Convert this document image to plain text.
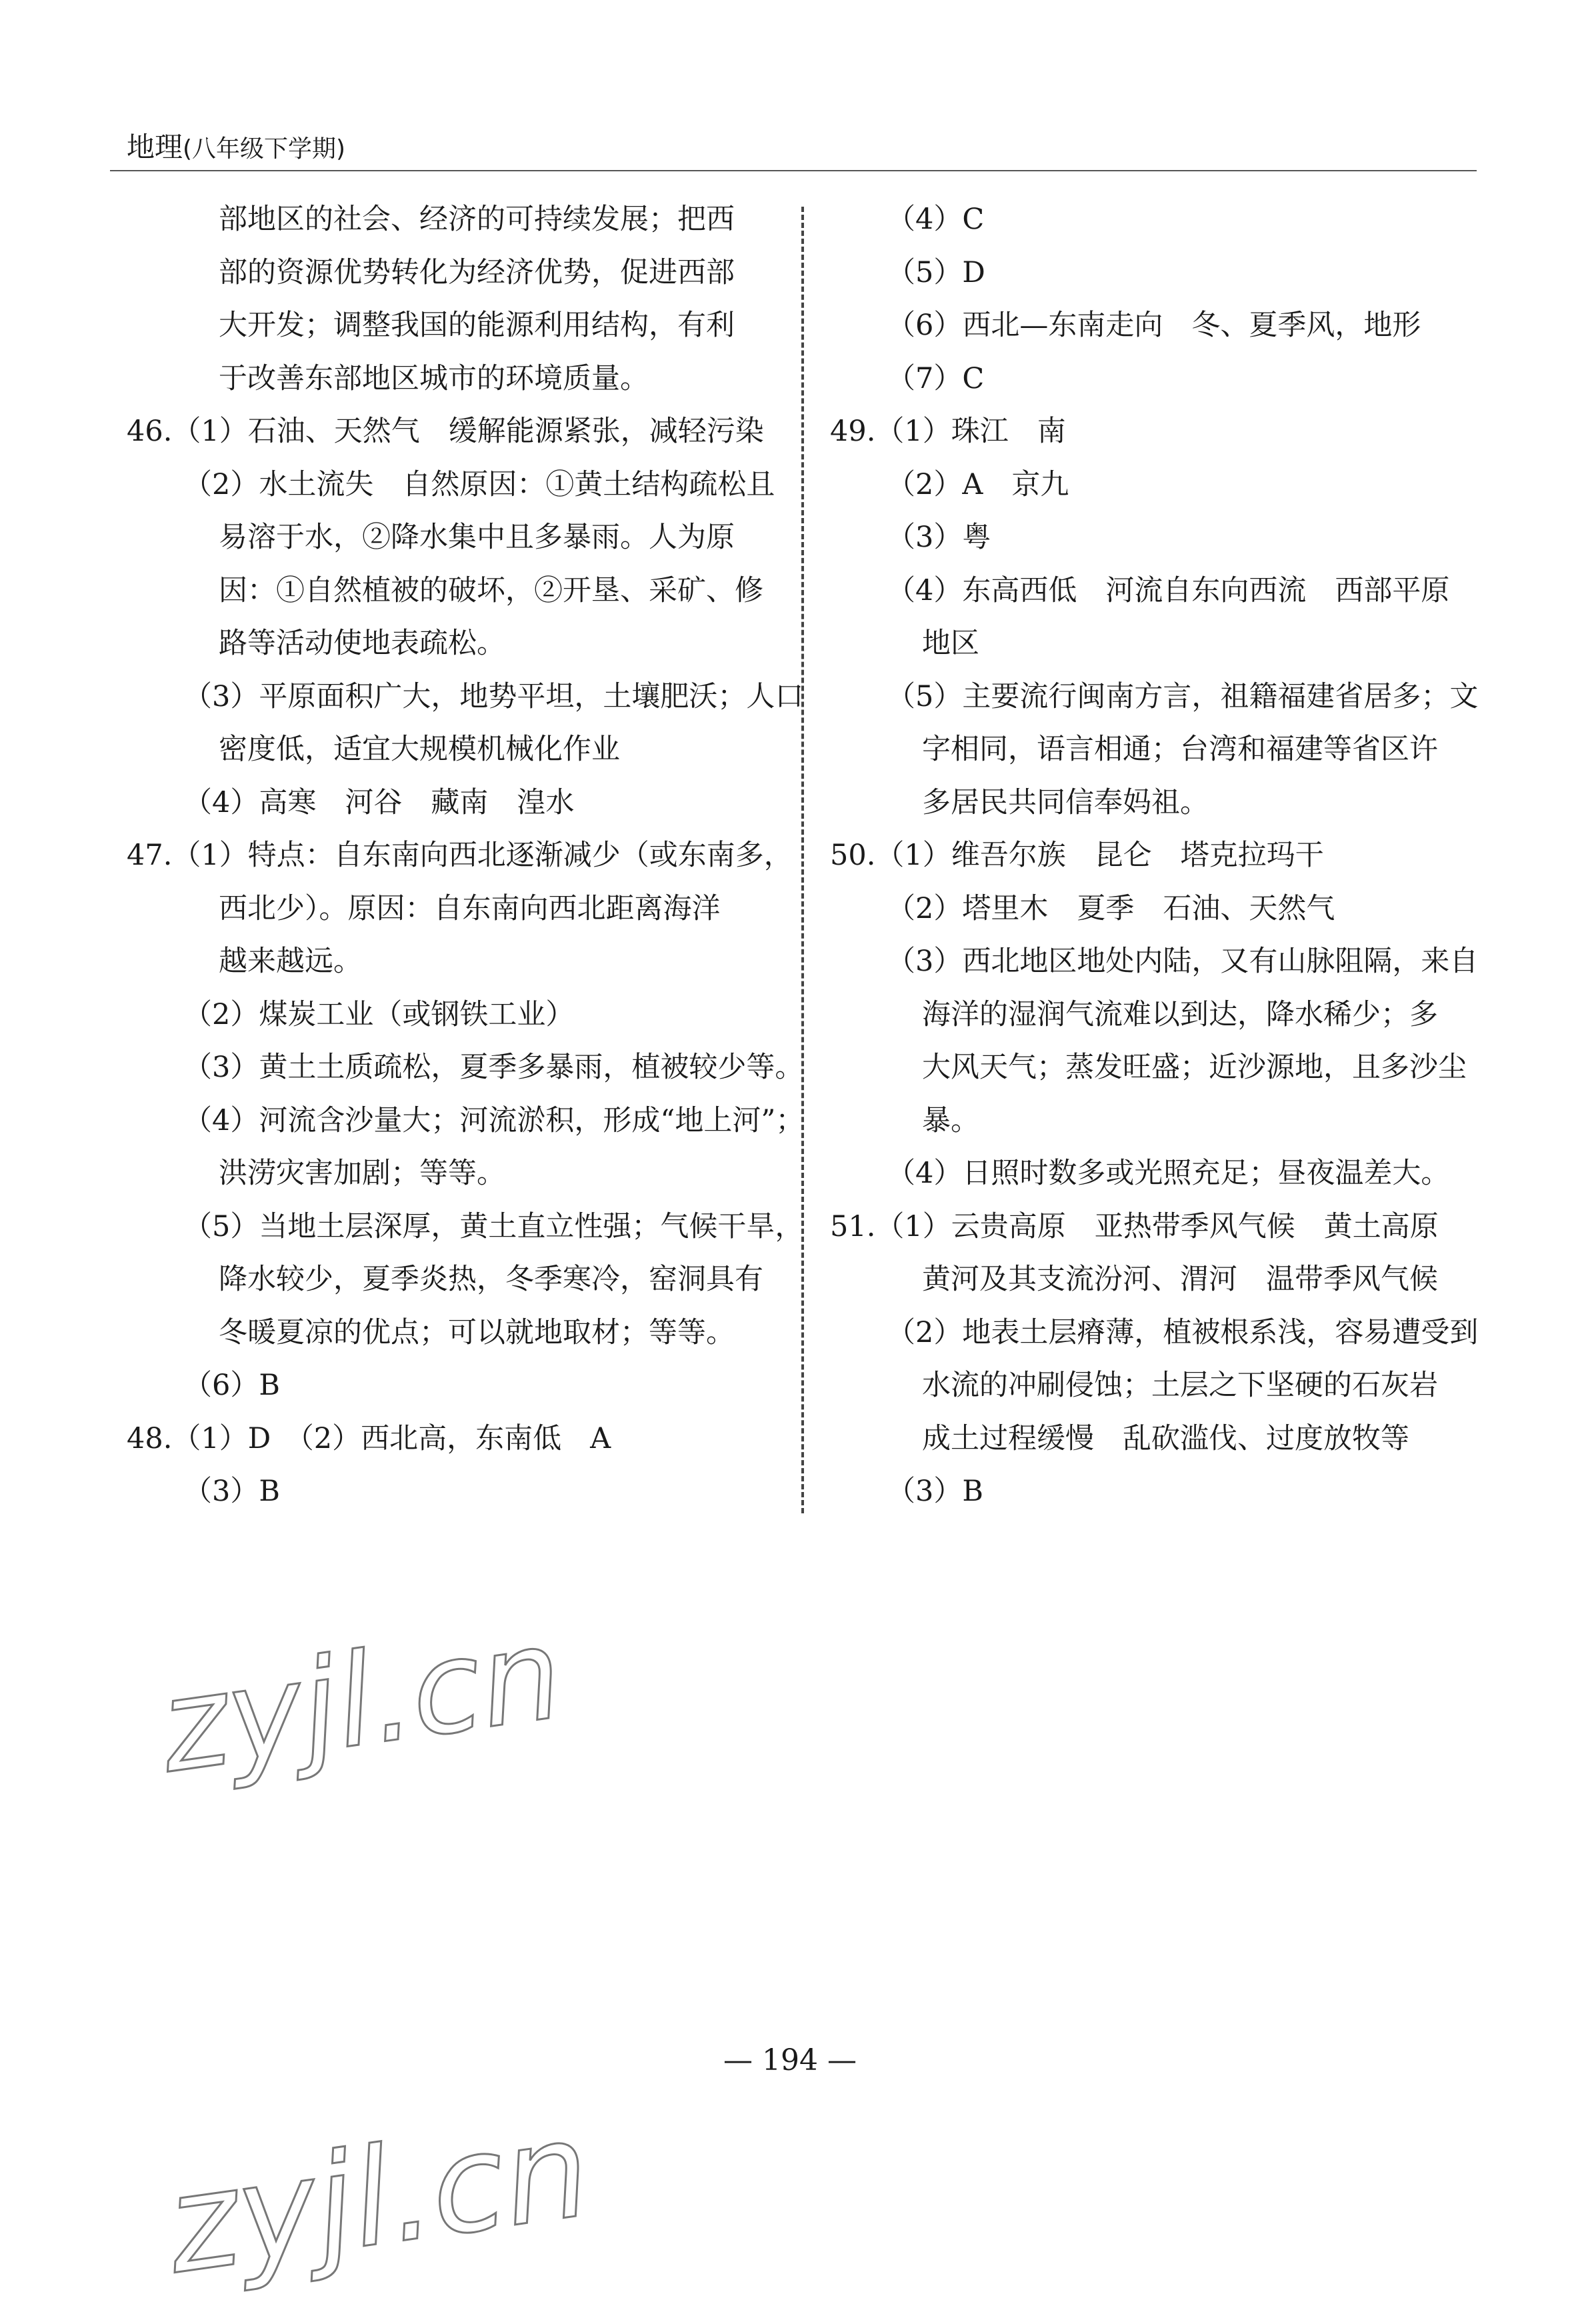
地理(八年级下学期)
部地区的社会、经济的可持续发展；把西
部的资源优势转化为经济优势，促进西部
大开发；调整我国的能源利用结构，有利
于改善东部地区城市的环境质量。
46.（1）石油、天然气　缓解能源紧张，减轻污染
（2）水土流失　自然原因：①黄土结构疏松且
易溶于水，②降水集中且多暴雨。人为原
因：①自然植被的破坏，②开垦、采矿、修
路等活动使地表疏松。
（3）平原面积广大，地势平坦，土壤肥沃；人口
密度低，适宜大规模机械化作业
（4）高寒　河谷　藏南　湟水
47.（1）特点：自东南向西北逐渐减少（或东南多，
西北少）。原因：自东南向西北距离海洋
越来越远。
（2）煤炭工业（或钢铁工业）
（3）黄土土质疏松，夏季多暴雨，植被较少等。
（4）河流含沙量大；河流淤积，形成“地上河”；
洪涝灾害加剧；等等。
（5）当地土层深厚，黄土直立性强；气候干旱，
降水较少，夏季炎热，冬季寒冷，窑洞具有
冬暖夏凉的优点；可以就地取材；等等。
（6）B
48.（1）D　（2）西北高，东南低　A
（3）B
（4）C
（5）D
（6）西北—东南走向　冬、夏季风，地形
（7）C
49.（1）珠江　南
（2）A　京九
（3）粤
（4）东高西低　河流自东向西流　西部平原
地区
（5）主要流行闽南方言，祖籍福建省居多；文
字相同，语言相通；台湾和福建等省区许
多居民共同信奉妈祖。
50.（1）维吾尔族　昆仑　塔克拉玛干
（2）塔里木　夏季　石油、天然气
（3）西北地区地处内陆，又有山脉阻隔，来自
海洋的湿润气流难以到达，降水稀少；多
大风天气；蒸发旺盛；近沙源地，且多沙尘
暴。
（4）日照时数多或光照充足；昼夜温差大。
51.（1）云贵高原　亚热带季风气候　黄土高原
黄河及其支流汾河、渭河　温带季风气候
（2）地表土层瘠薄，植被根系浅，容易遭受到
水流的冲刷侵蚀；土层之下坚硬的石灰岩
成土过程缓慢　乱砍滥伐、过度放牧等
（3）B
zyjl.cn
zyjl.cn
— 194 —
